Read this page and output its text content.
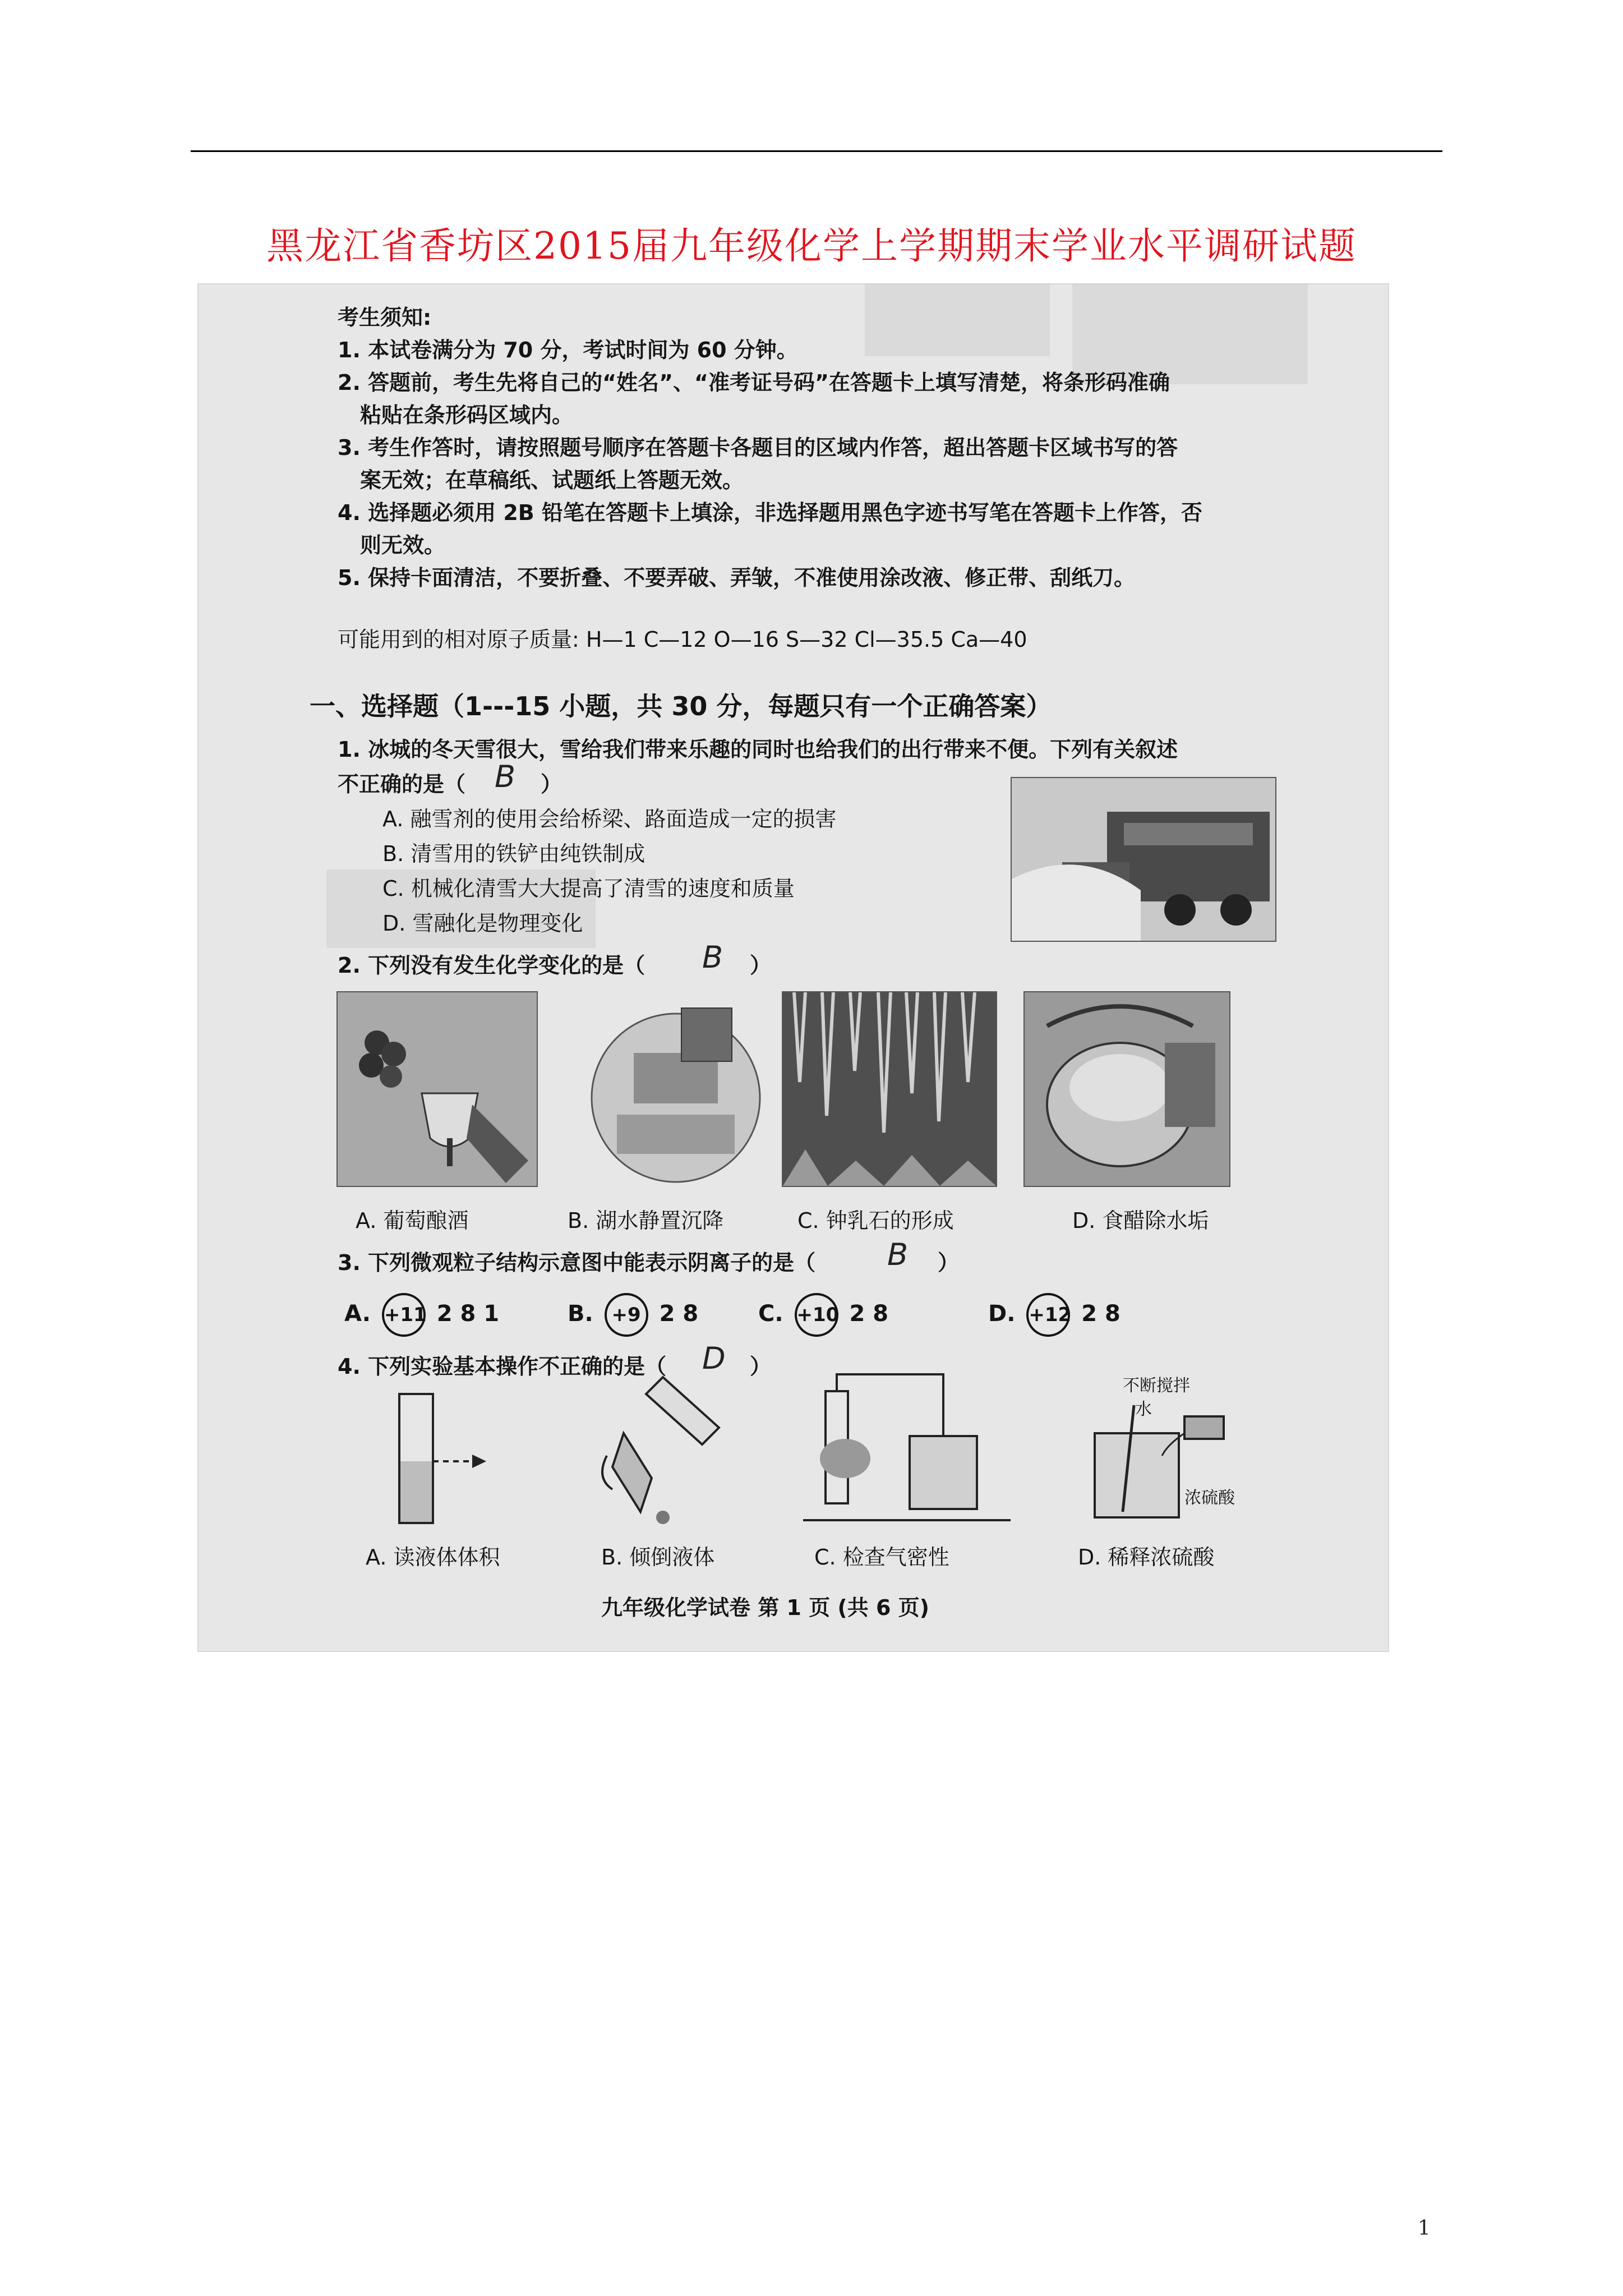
黑龙江省香坊区2015届九年级化学上学期期末学业水平调研试题
考生须知:
1. 本试卷满分为 70 分，考试时间为 60 分钟。
2. 答题前，考生先将自己的“姓名”、“准考证号码”在答题卡上填写清楚，将条形码准确
粘贴在条形码区域内。
3. 考生作答时，请按照题号顺序在答题卡各题目的区域内作答，超出答题卡区域书写的答
案无效；在草稿纸、试题纸上答题无效。
4. 选择题必须用 2B 铅笔在答题卡上填涂，非选择题用黑色字迹书写笔在答题卡上作答，否
则无效。
5. 保持卡面清洁，不要折叠、不要弄破、弄皱，不准使用涂改液、修正带、刮纸刀。
可能用到的相对原子质量: H—1 C—12 O—16 S—32 Cl—35.5 Ca—40
一、选择题（1---15 小题，共 30 分，每题只有一个正确答案）
1. 冰城的冬天雪很大，雪给我们带来乐趣的同时也给我们的出行带来不便。下列有关叙述
不正确的是（ B ）
A. 融雪剂的使用会给桥梁、路面造成一定的损害
B. 清雪用的铁铲由纯铁制成
C. 机械化清雪大大提高了清雪的速度和质量
D. 雪融化是物理变化
2. 下列没有发生化学变化的是（ B ）
A. 葡萄酿酒	B. 湖水静置沉降	C. 钟乳石的形成	D. 食醋除水垢
3. 下列微观粒子结构示意图中能表示阴离子的是（ B ）
A. +11 2 8 1	B. +9 2 8	C. +10 2 8	D. +12 2 8
4. 下列实验基本操作不正确的是（ D ）
不断搅拌
水
浓硫酸
A. 读液体体积	B. 倾倒液体	C. 检查气密性	D. 稀释浓硫酸
九年级化学试卷 第 1 页 (共 6 页)
1
